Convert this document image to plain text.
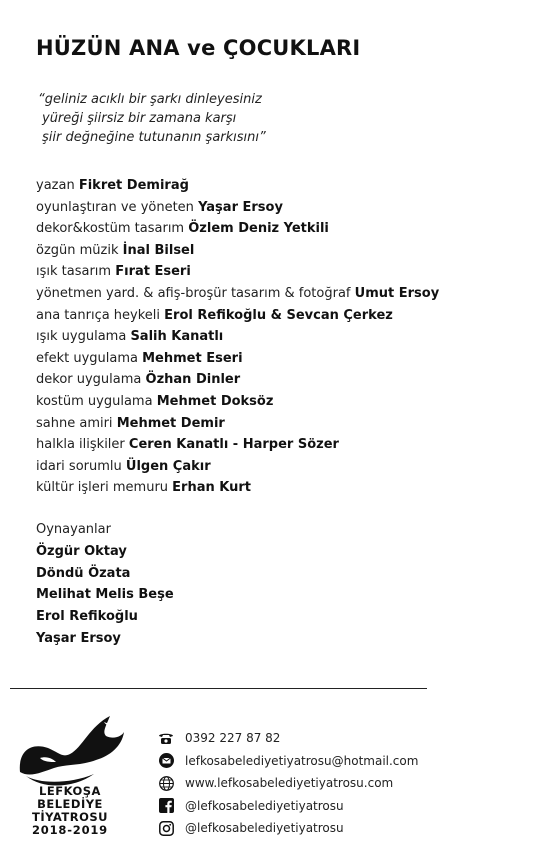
HÜZÜN ANA ve ÇOCUKLARI
“geliniz acıklı bir şarkı dinleyesiniz
yüreği şiirsiz bir zamana karşı
şiir değneğine tutunanın şarkısını”
yazan Fikret Demirağ
oyunlaştıran ve yöneten Yaşar Ersoy
dekor&kostüm tasarım Özlem Deniz Yetkili
özgün müzik İnal Bilsel
ışık tasarım Fırat Eseri
yönetmen yard. & afiş-broşür tasarım & fotoğraf Umut Ersoy
ana tanrıça heykeli Erol Refikoğlu & Sevcan Çerkez
ışık uygulama Salih Kanatlı
efekt uygulama Mehmet Eseri
dekor uygulama Özhan Dinler
kostüm uygulama Mehmet Doksöz
sahne amiri Mehmet Demir
halkla ilişkiler Ceren Kanatlı - Harper Sözer
idari sorumlu Ülgen Çakır
kültür işleri memuru Erhan Kurt
Oynayanlar
Özgür Oktay
Döndü Özata
Melihat Melis Beşe
Erol Refikoğlu
Yaşar Ersoy
LEFKOŞA
BELEDİYE
TİYATROSU
2018-2019
0392 227 87 82
lefkosabelediyetiyatrosu@hotmail.com
www.lefkosabelediyetiyatrosu.com
@lefkosabelediyetiyatrosu
@lefkosabelediyetiyatrosu
